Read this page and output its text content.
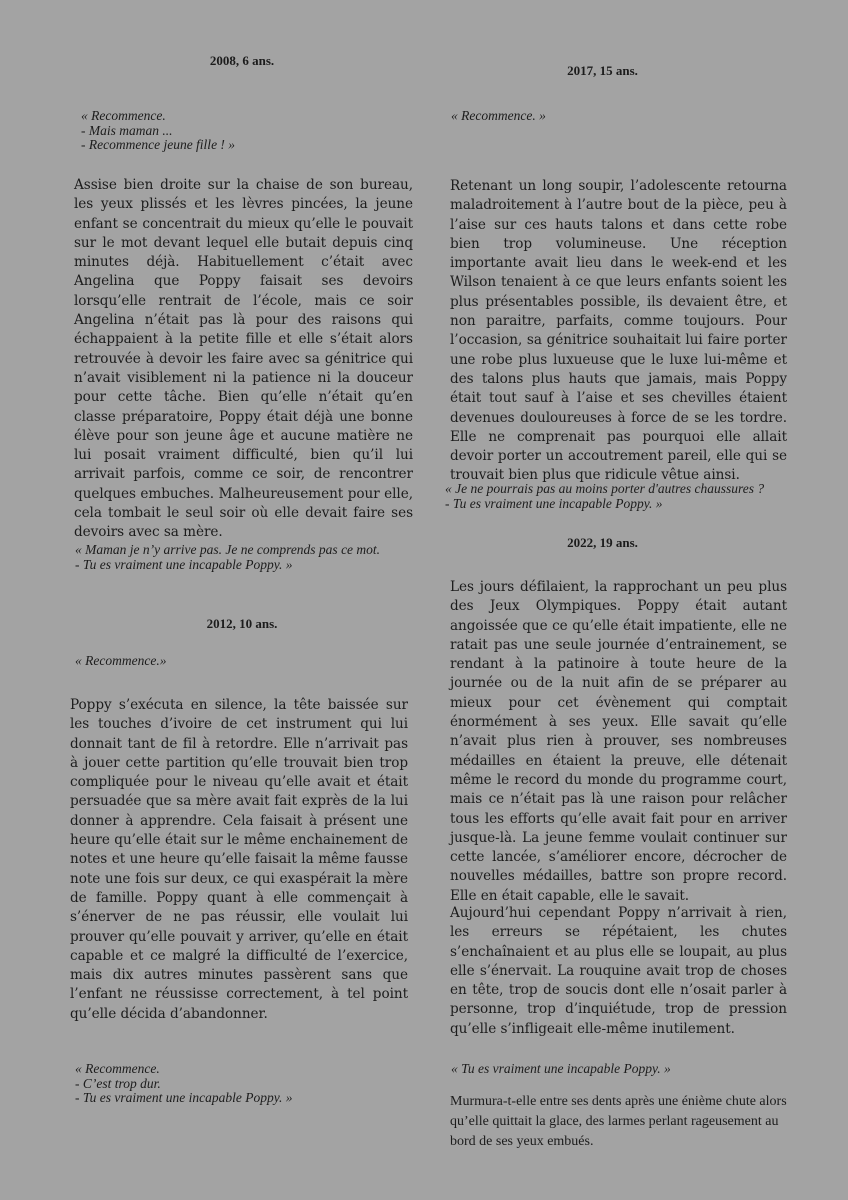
2008, 6 ans.
« Recommence.
- Mais maman ...
- Recommence jeune fille ! »
Assise bien droite sur la chaise de son bureau, les yeux plissés et les lèvres pincées, la jeune enfant se concentrait du mieux qu’elle le pouvait sur le mot devant lequel elle butait depuis cinq minutes déjà. Habituellement c’était avec Angelina que Poppy faisait ses devoirs lorsqu’elle rentrait de l’école, mais ce soir Angelina n’était pas là pour des raisons qui échappaient à la petite fille et elle s’était alors retrouvée à devoir les faire avec sa génitrice qui n’avait visiblement ni la patience ni la douceur pour cette tâche. Bien qu’elle n’était qu’en classe préparatoire, Poppy était déjà une bonne élève pour son jeune âge et aucune matière ne lui posait vraiment difficulté, bien qu’il lui arrivait parfois, comme ce soir, de rencontrer quelques embuches. Malheureusement pour elle, cela tombait le seul soir où elle devait faire ses devoirs avec sa mère.
« Maman je n’y arrive pas. Je ne comprends pas ce mot.
- Tu es vraiment une incapable Poppy. »
2012, 10 ans.
« Recommence.»
Poppy s’exécuta en silence, la tête baissée sur les touches d’ivoire de cet instrument qui lui donnait tant de fil à retordre. Elle n’arrivait pas à jouer cette partition qu’elle trouvait bien trop compliquée pour le niveau qu’elle avait et était persuadée que sa mère avait fait exprès de la lui donner à apprendre. Cela faisait à présent une heure qu’elle était sur le même enchainement de notes et une heure qu’elle faisait la même fausse note une fois sur deux, ce qui exaspérait la mère de famille. Poppy quant à elle commençait à s’énerver de ne pas réussir, elle voulait lui prouver qu’elle pouvait y arriver, qu’elle en était capable et ce malgré la difficulté de l’exercice, mais dix autres minutes passèrent sans que l’enfant ne réussisse correctement, à tel point qu’elle décida d’abandonner.
« Recommence.
- C’est trop dur.
- Tu es vraiment une incapable Poppy. »
2017, 15 ans.
« Recommence. »
Retenant un long soupir, l’adolescente retourna maladroitement à l’autre bout de la pièce, peu à l’aise sur ces hauts talons et dans cette robe bien trop volumineuse. Une réception importante avait lieu dans le week-end et les Wilson tenaient à ce que leurs enfants soient les plus présentables possible, ils devaient être, et non paraitre, parfaits, comme toujours. Pour l’occasion, sa génitrice souhaitait lui faire porter une robe plus luxueuse que le luxe lui-même et des talons plus hauts que jamais, mais Poppy était tout sauf à l’aise et ses chevilles étaient devenues douloureuses à force de se les tordre. Elle ne comprenait pas pourquoi elle allait devoir porter un accoutrement pareil, elle qui se trouvait bien plus que ridicule vêtue ainsi.
« Je ne pourrais pas au moins porter d'autres chaussures ?
- Tu es vraiment une incapable Poppy. »
2022, 19 ans.
Les jours défilaient, la rapprochant un peu plus des Jeux Olympiques. Poppy était autant angoissée que ce qu’elle était impatiente, elle ne ratait pas une seule journée d’entrainement, se rendant à la patinoire à toute heure de la journée ou de la nuit afin de se préparer au mieux pour cet évènement qui comptait énormément à ses yeux. Elle savait qu’elle n’avait plus rien à prouver, ses nombreuses médailles en étaient la preuve, elle détenait même le record du monde du programme court, mais ce n’était pas là une raison pour relâcher tous les efforts qu’elle avait fait pour en arriver jusque-là. La jeune femme voulait continuer sur cette lancée, s’améliorer encore, décrocher de nouvelles médailles, battre son propre record. Elle en était capable, elle le savait.
Aujourd’hui cependant Poppy n’arrivait à rien, les erreurs se répétaient, les chutes s’enchaînaient et au plus elle se loupait, au plus elle s’énervait. La rouquine avait trop de choses en tête, trop de soucis dont elle n’osait parler à personne, trop d’inquiétude, trop de pression qu’elle s’infligeait elle-même inutilement.
« Tu es vraiment une incapable Poppy. »
Murmura-t-elle entre ses dents après une énième chute alors qu’elle quittait la glace, des larmes perlant rageusement au bord de ses yeux embués.
